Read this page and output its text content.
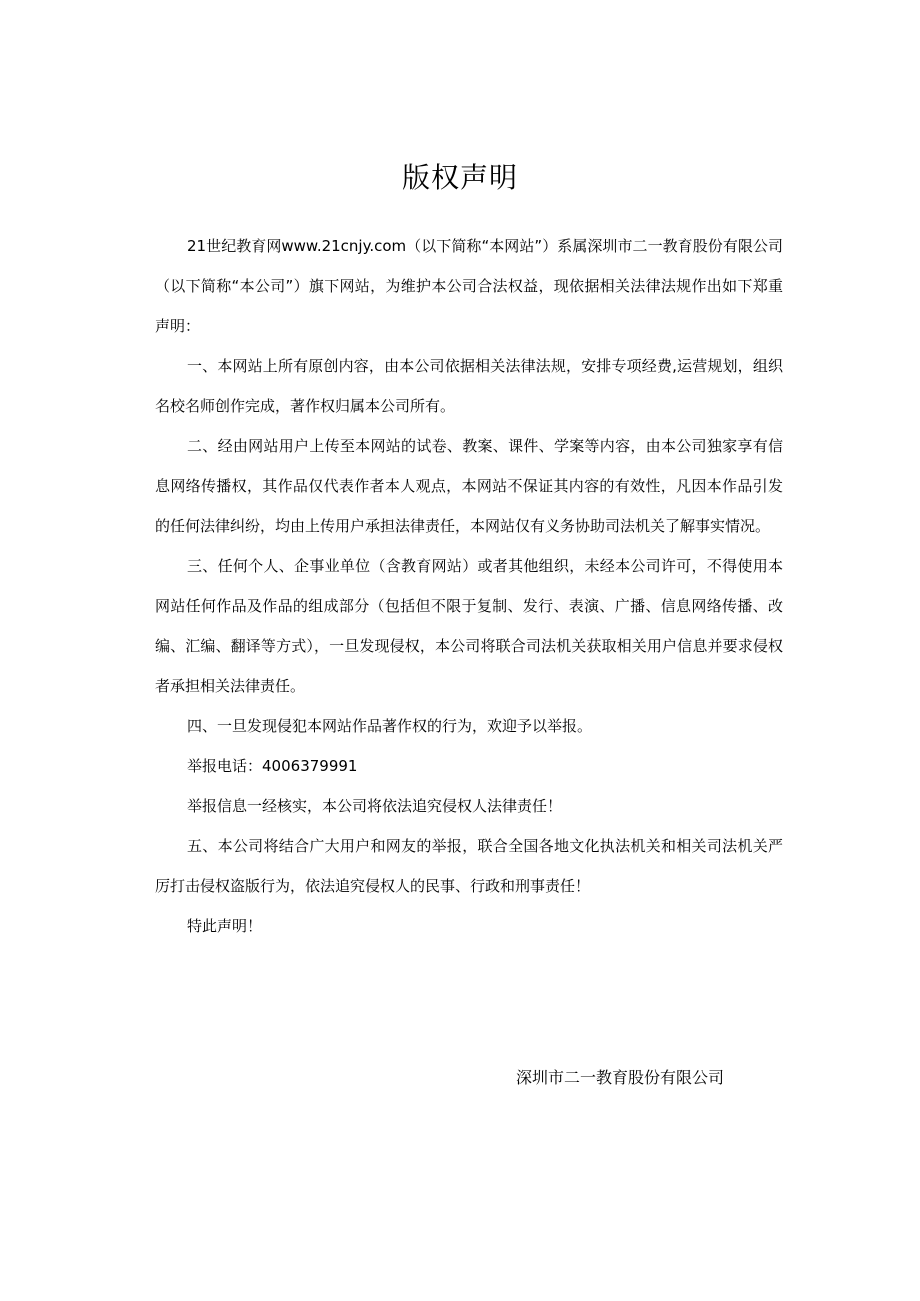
版权声明

21世纪教育网www.21cnjy.com（以下简称“本网站”）系属深圳市二一教育股份有限公司（以下简称“本公司”）旗下网站，为维护本公司合法权益，现依据相关法律法规作出如下郑重声明：

一、本网站上所有原创内容，由本公司依据相关法律法规，安排专项经费,运营规划，组织名校名师创作完成，著作权归属本公司所有。

二、经由网站用户上传至本网站的试卷、教案、课件、学案等内容，由本公司独家享有信息网络传播权，其作品仅代表作者本人观点，本网站不保证其内容的有效性，凡因本作品引发的任何法律纠纷，均由上传用户承担法律责任，本网站仅有义务协助司法机关了解事实情况。

三、任何个人、企事业单位（含教育网站）或者其他组织，未经本公司许可，不得使用本网站任何作品及作品的组成部分（包括但不限于复制、发行、表演、广播、信息网络传播、改编、汇编、翻译等方式），一旦发现侵权，本公司将联合司法机关获取相关用户信息并要求侵权者承担相关法律责任。

四、一旦发现侵犯本网站作品著作权的行为，欢迎予以举报。

举报电话：4006379991

举报信息一经核实，本公司将依法追究侵权人法律责任！

五、本公司将结合广大用户和网友的举报，联合全国各地文化执法机关和相关司法机关严厉打击侵权盗版行为，依法追究侵权人的民事、行政和刑事责任！

特此声明！

深圳市二一教育股份有限公司
